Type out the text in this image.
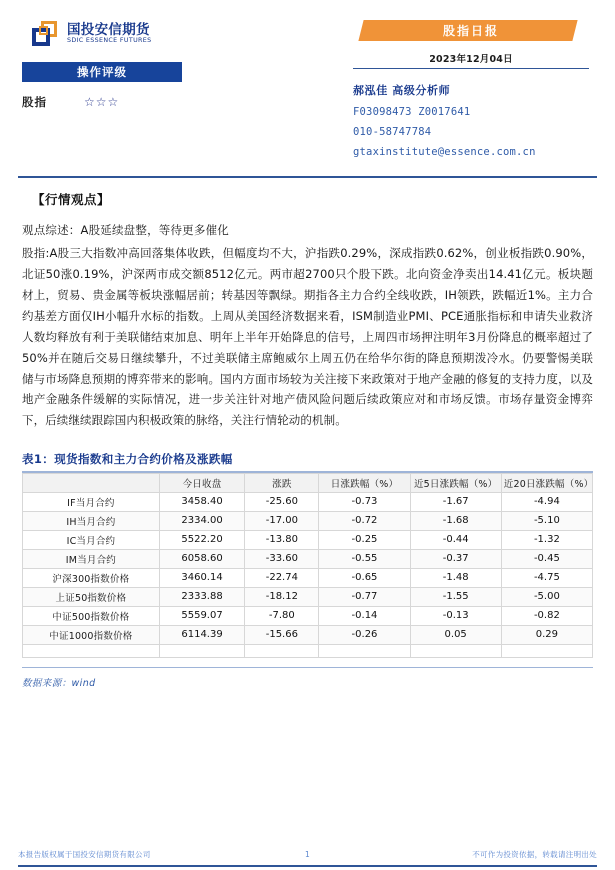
国投安信期货
SDIC ESSENCE FUTURES
操作评级
股指	☆☆☆
股指日报
2023年12月04日
郝泓佳 高级分析师
F03098473 Z0017641
010-58747784
gtaxinstitute@essence.com.cn
【行情观点】
观点综述：A股延续盘整，等待更多催化
股指:A股三大指数冲高回落集体收跌，但幅度均不大，沪指跌0.29%，深成指跌0.62%，创业板指跌0.90%，北证50涨0.19%，沪深两市成交额8512亿元。两市超2700只个股下跌。北向资金净卖出14.41亿元。板块题材上，贸易、贵金属等板块涨幅居前；转基因等飘绿。期指各主力合约全线收跌，IH领跌，跌幅近1%。主力合约基差方面仅IH小幅升水标的指数。上周从美国经济数据来看，ISM制造业PMI、PCE通胀指标和申请失业救济人数均释放有利于美联储结束加息、明年上半年开始降息的信号，上周四市场押注明年3月份降息的概率超过了50%并在随后交易日继续攀升，不过美联储主席鲍威尔上周五仍在给华尔街的降息预期泼冷水。仍要警惕美联储与市场降息预期的博弈带来的影响。国内方面市场较为关注接下来政策对于地产金融的修复的支持力度，以及地产金融条件缓解的实际情况，进一步关注针对地产债风险问题后续政策应对和市场反馈。市场存量资金博弈下，后续继续跟踪国内积极政策的脉络，关注行情轮动的机制。
表1：现货指数和主力合约价格及涨跌幅
	今日收盘	涨跌	日涨跌幅（%）	近5日涨跌幅（%）	近20日涨跌幅（%）
IF当月合约	3458.40	-25.60	-0.73	-1.67	-4.94
IH当月合约	2334.00	-17.00	-0.72	-1.68	-5.10
IC当月合约	5522.20	-13.80	-0.25	-0.44	-1.32
IM当月合约	6058.60	-33.60	-0.55	-0.37	-0.45
沪深300指数价格	3460.14	-22.74	-0.65	-1.48	-4.75
上证50指数价格	2333.88	-18.12	-0.77	-1.55	-5.00
中证500指数价格	5559.07	-7.80	-0.14	-0.13	-0.82
中证1000指数价格	6114.39	-15.66	-0.26	0.05	0.29

数据来源：wind
本报告版权属于国投安信期货有限公司	1	不可作为投资依据，转载请注明出处
